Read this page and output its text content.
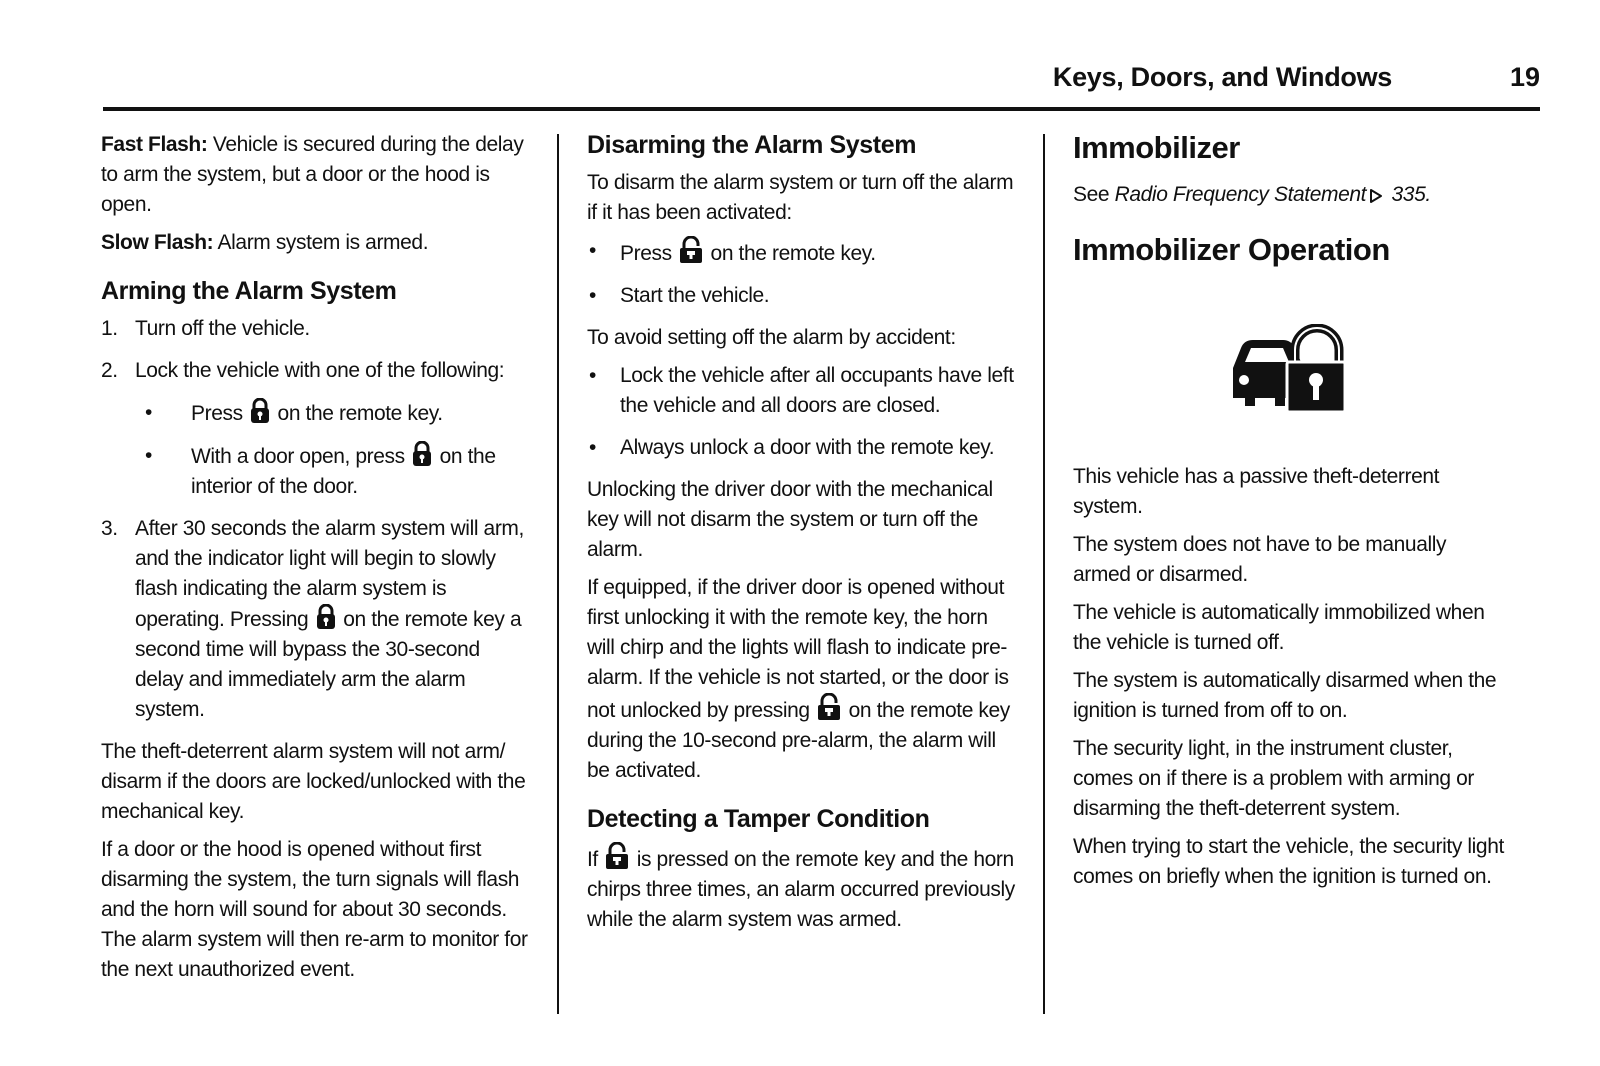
Keys, Doors, and Windows	19

Fast Flash: Vehicle is secured during the delay to arm the system, but a door or the hood is open.

Slow Flash: Alarm system is armed.

Arming the Alarm System
1. Turn off the vehicle.
2. Lock the vehicle with one of the following:
• Press  on the remote key.
• With a door open, press  on the interior of the door.
3. After 30 seconds the alarm system will arm, and the indicator light will begin to slowly flash indicating the alarm system is operating. Pressing  on the remote key a second time will bypass the 30-second delay and immediately arm the alarm system.

The theft-deterrent alarm system will not arm/ disarm if the doors are locked/unlocked with the mechanical key.

If a door or the hood is opened without first disarming the system, the turn signals will flash and the horn will sound for about 30 seconds. The alarm system will then re-arm to monitor for the next unauthorized event.

Disarming the Alarm System

To disarm the alarm system or turn off the alarm if it has been activated:

• Press  on the remote key.
• Start the vehicle.

To avoid setting off the alarm by accident:

• Lock the vehicle after all occupants have left the vehicle and all doors are closed.
• Always unlock a door with the remote key.

Unlocking the driver door with the mechanical key will not disarm the system or turn off the alarm.

If equipped, if the driver door is opened without first unlocking it with the remote key, the horn will chirp and the lights will flash to indicate pre-alarm. If the vehicle is not started, or the door is not unlocked by pressing  on the remote key during the 10-second pre-alarm, the alarm will be activated.

Detecting a Tamper Condition

If  is pressed on the remote key and the horn chirps three times, an alarm occurred previously while the alarm system was armed.

Immobilizer

See Radio Frequency Statement 335.

Immobilizer Operation

This vehicle has a passive theft-deterrent system.

The system does not have to be manually armed or disarmed.

The vehicle is automatically immobilized when the vehicle is turned off.

The system is automatically disarmed when the ignition is turned from off to on.

The security light, in the instrument cluster, comes on if there is a problem with arming or disarming the theft-deterrent system.

When trying to start the vehicle, the security light comes on briefly when the ignition is turned on.
